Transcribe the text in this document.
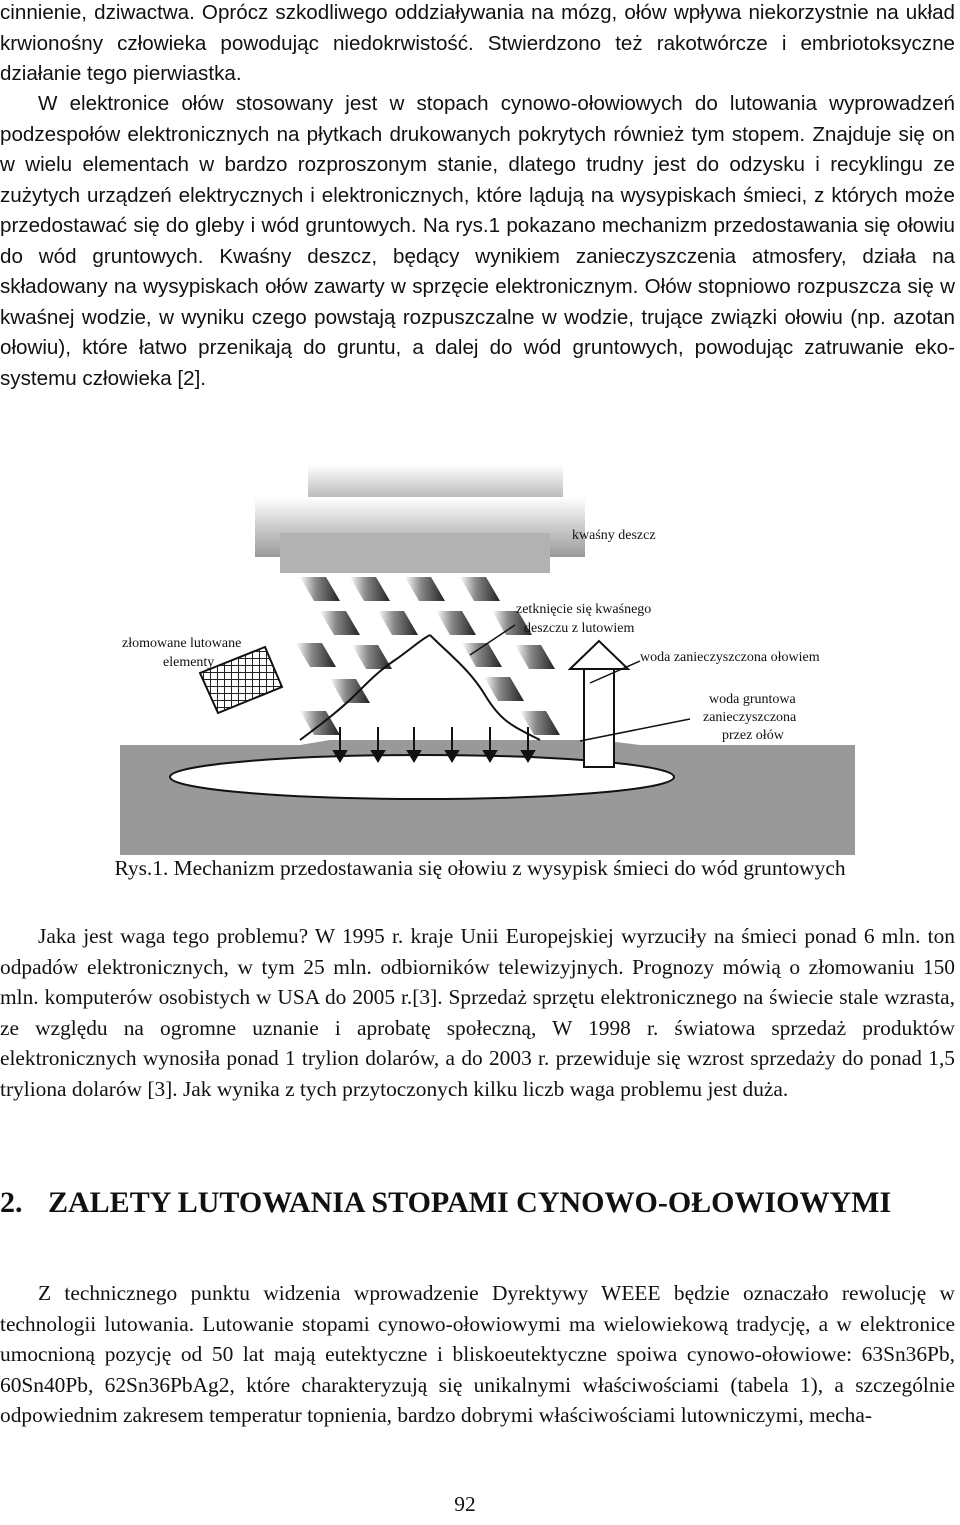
cinnienie, dziwactwa. Oprócz szkodliwego oddziaływania na mózg, ołów wpływa niekorzystnie na układ krwionośny człowieka powodując niedokrwistość. Stwierdzono też rakotwórcze i embriotoksyczne działanie tego pierwiastka.

W elektronice ołów stosowany jest w stopach cynowo-ołowiowych do lutowania wyprowadzeń podzespołów elektronicznych na płytkach drukowanych pokrytych również tym stopem. Znajduje się on w wielu elementach w bardzo rozproszonym stanie, dlatego trudny jest do odzysku i recyklingu ze zużytych urządzeń elektrycznych i elektronicznych, które lądują na wysypiskach śmieci, z których może przedostawać się do gleby i wód gruntowych. Na rys.1 pokazano mechanizm przedostawania się ołowiu do wód gruntowych. Kwaśny deszcz, będący wynikiem zanieczyszczenia atmosfery, działa na składowany na wysypiskach ołów zawarty w sprzęcie elektronicznym. Ołów stopniowo rozpuszcza się w kwaśnej wodzie, w wyniku czego powstają rozpuszczalne w wodzie, trujące związki ołowiu (np. azotan ołowiu), które łatwo przenikają do gruntu, a dalej do wód gruntowych, powodując zatruwanie eko-systemu człowieka [2].

kwaśny deszcz
zetknięcie się kwaśnego
deszczu z lutowiem
złomowane lutowane
elementy	woda zanieczyszczona ołowiem
woda gruntowa
zanieczyszczona
przez ołów
Rys.1. Mechanizm przedostawania się ołowiu z wysypisk śmieci do wód gruntowych

Jaka jest waga tego problemu? W 1995 r. kraje Unii Europejskiej wyrzuciły na śmieci ponad 6 mln. ton odpadów elektronicznych, w tym 25 mln. odbiorników telewizyjnych. Prognozy mówią o złomowaniu 150 mln. komputerów osobistych w USA do 2005 r.[3]. Sprzedaż sprzętu elektronicznego na świecie stale wzrasta, ze względu na ogromne uznanie i aprobatę społeczną, W 1998 r. światowa sprzedaż produktów elektronicznych wynosiła ponad 1 trylion dolarów, a do 2003 r. przewiduje się wzrost sprzedaży do ponad 1,5 tryliona dolarów [3]. Jak wynika z tych przytoczonych kilku liczb waga problemu jest duża.

2. ZALETY LUTOWANIA STOPAMI CYNOWO-OŁOWIOWYMI

Z technicznego punktu widzenia wprowadzenie Dyrektywy WEEE będzie oznaczało rewolucję w technologii lutowania. Lutowanie stopami cynowo-ołowiowymi ma wielowiekową tradycję, a w elektronice umocnioną pozycję od 50 lat mają eutektyczne i bliskoeutektyczne spoiwa cynowo-ołowiowe: 63Sn36Pb, 60Sn40Pb, 62Sn36PbAg2, które charakteryzują się unikalnymi właściwościami (tabela 1), a szczególnie odpowiednim zakresem temperatur topnienia, bardzo dobrymi właściwościami lutowniczymi, mecha-

92
